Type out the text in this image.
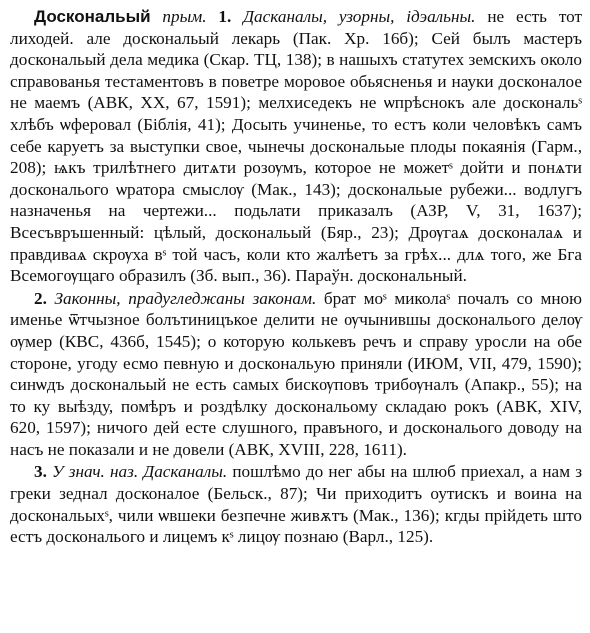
Доскональый прым. 1. Дасканалы, узорны, ідэальны. не есть тот лиходей. але доскональый лекарь (Пак. Хр. 16б); Сей былъ мастеръ доскональый дела медика (Скар. ТЦ, 138); в нашыхъ статутех земскихъ около справованья тестаментовъ в поветре моровое обьясненья и науки досконалое не маемъ (АВК, XX, 67, 1591); мелхиседекъ не ѡпрѣснокъ але доскональˢ хлѣбъ ѡферовал (Біблія, 41); Досыть учиненье, то естъ коли человѣкъ самъ себе каруетъ за выступки свое, чынечы доскональые плоды покаянія (Гарм., 208); ѩкъ трилѣтнего дитѧти розѹмъ, которое не можетˢ дойти и понѧти доскональого ѡратора смыслѹ (Мак., 143); доскональые рубежи... водлугъ назначенья на чертежи... подьлати приказалъ (АЗР, V, 31, 1637); Всесъвръшенный: цѣлый, доскональый (Бяр., 23); Дрѹгаѧ досконалаѧ и правдиваѧ скрѹха вˢ той часъ, коли кто жалѣетъ за грѣх... длѧ того, же Бга Всемогѹщаго образилъ (Зб. вып., 36). Параўн. доскональный.

2. Законны, прадугледжаны законам. брат моˢ миколаˢ почалъ со мною именье ѿтчызное болътиницъкое делити не ѹчынившы доскональого делѹ ѹмер (КВС, 436б, 1545); о которую колькевъ речъ и справу уросли на обе стороне, угоду есмо певную и доскональую приняли (ИЮМ, VII, 479, 1590); синѡдъ доскональый не есть самых бискѹповъ трибѹналъ (Апакр., 55); на то ку выѣзду, помѣръ и роздѣлку доскональому складаю рокъ (АВК, XIV, 620, 1597); ничого дей есте слушного, правъного, и доскональого доводу на насъ не показали и не довели (АВК, XVIII, 228, 1611).

3. У знач. наз. Дасканалы. пошлѣмо до нег абы на шлюб приехал, а нам з греки зеднал досконалое (Бельск., 87); Чи приходитъ оутискъ и воина на доскональыхˢ, чили ѡвшеки безпечне живѫтъ (Мак., 136); кгды прійдеть што естъ доскональого и лицемъ кˢ лицѹ познаю (Варл., 125).
